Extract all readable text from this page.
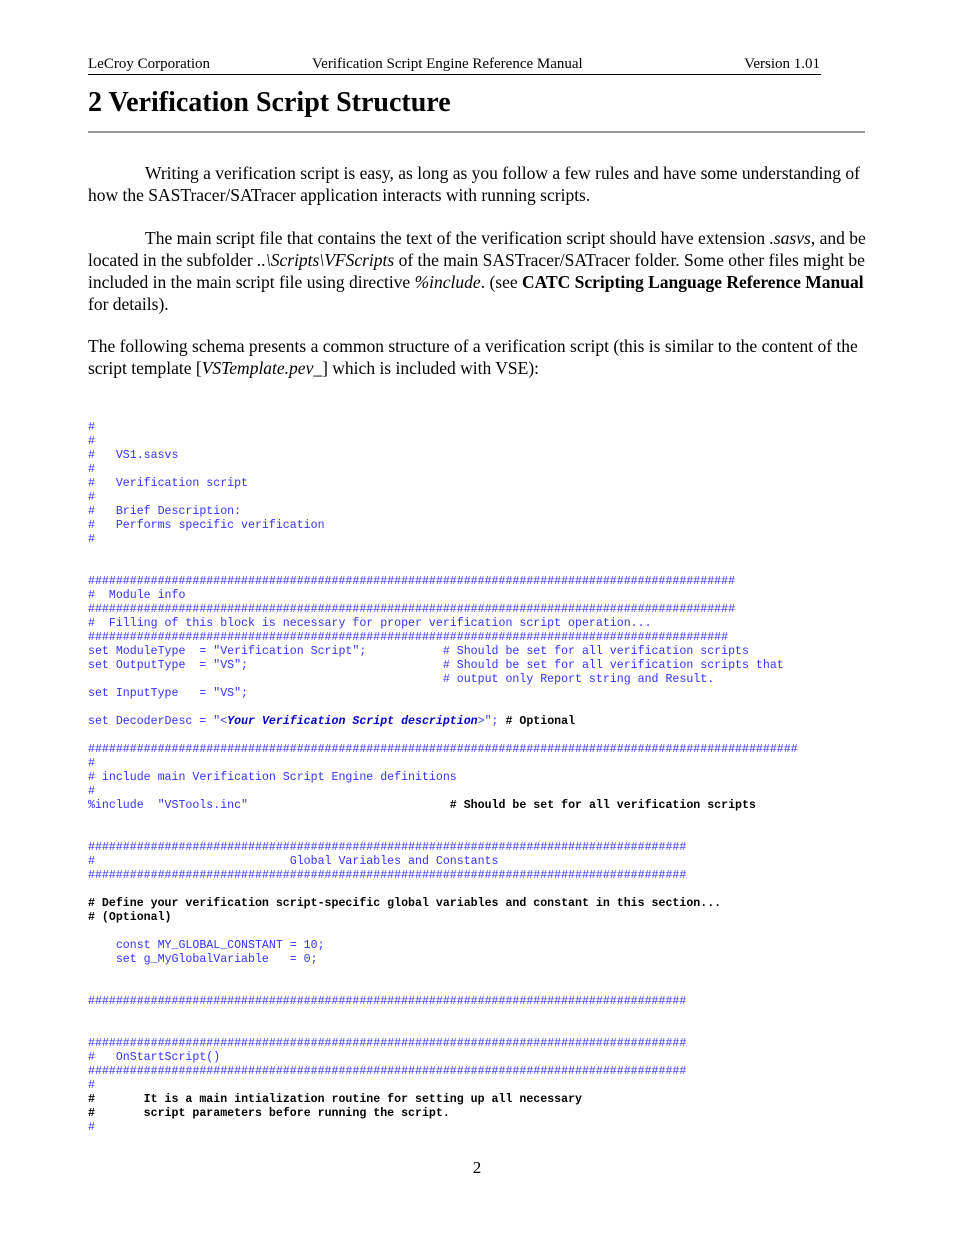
LeCroy Corporation	Verification Script Engine Reference Manual	Version 1.01
2 Verification Script Structure

Writing a verification script is easy, as long as you follow a few rules and have some understanding of how the SASTracer/SATracer application interacts with running scripts.

The main script file that contains the text of the verification script should have extension .sasvs, and be located in the subfolder ..\Scripts\VFScripts of the main SASTracer/SATracer folder. Some other files might be included in the main script file using directive %include. (see CATC Scripting Language Reference Manual for details).

The following schema presents a common structure of a verification script (this is similar to the content of the script template [VSTemplate.pev_] which is included with VSE):

#
#
#   VS1.sasvs
#
#   Verification script
#
#   Brief Description:
#   Performs specific verification
#

#############################################################################################
#  Module info
#############################################################################################
#  Filling of this block is necessary for proper verification script operation...
############################################################################################
set ModuleType  = "Verification Script";           # Should be set for all verification scripts
set OutputType  = "VS";                            # Should be set for all verification scripts that
# output only Report string and Result.
set InputType   = "VS";

set DecoderDesc = "<Your Verification Script description>"; # Optional

######################################################################################################
#
# include main Verification Script Engine definitions
#
%include  "VSTools.inc"                             # Should be set for all verification scripts

######################################################################################
#                            Global Variables and Constants
######################################################################################

# Define your verification script-specific global variables and constant in this section...
# (Optional)

const MY_GLOBAL_CONSTANT = 10;
set g_MyGlobalVariable   = 0;

######################################################################################

######################################################################################
#   OnStartScript()
######################################################################################
#
#       It is a main intialization routine for setting up all necessary
#       script parameters before running the script.
#
2
